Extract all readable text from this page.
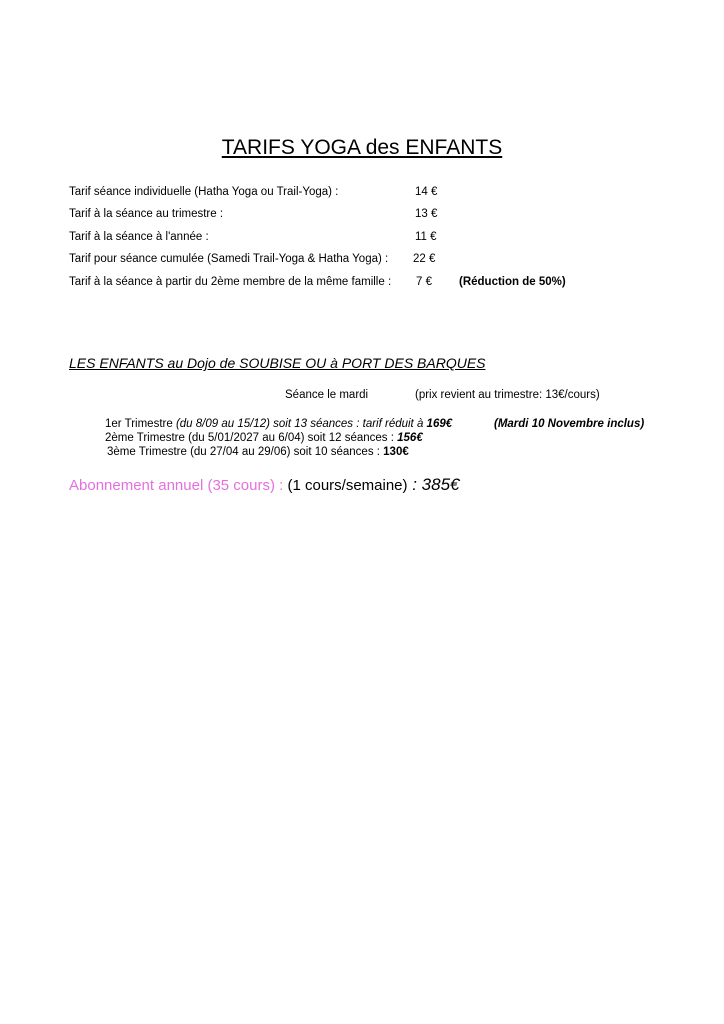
TARIFS YOGA des ENFANTS
Tarif séance individuelle (Hatha Yoga ou Trail-Yoga) :	14 €
Tarif à la séance au trimestre :	13 €
Tarif à la séance à l'année :	11 €
Tarif pour séance cumulée (Samedi Trail-Yoga & Hatha Yoga) : 22 €
Tarif à la séance à partir du 2ème membre de la même famille : 7 € (Réduction de 50%)
LES ENFANTS au Dojo de SOUBISE OU à PORT DES BARQUES
Séance le mardi	(prix revient au trimestre: 13€/cours)
1er Trimestre (du 8/09 au 15/12) soit 13 séances : tarif réduit à 169€	(Mardi 10 Novembre inclus)
2ème Trimestre (du 5/01/2027 au 6/04) soit 12 séances : 156€
3ème Trimestre (du 27/04 au 29/06) soit 10 séances : 130€
Abonnement annuel (35 cours) : (1 cours/semaine) : 385€
